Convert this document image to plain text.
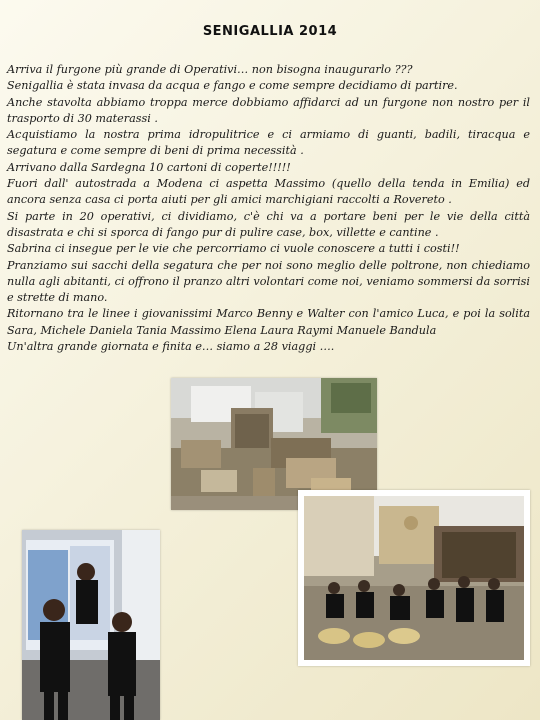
SENIGALLIA 2014

Arriva il furgone più grande di Operativi… non bisogna inaugurarlo ???

Senigallia è stata invasa da acqua e fango e come sempre decidiamo di partire.

Anche stavolta abbiamo troppa merce dobbiamo affidarci ad un furgone non nostro per il trasporto di 30 materassi .

Acquistiamo la nostra prima idropulitrice e ci armiamo di guanti, badili, tiracqua e segatura e come sempre di beni di prima necessità .

Arrivano dalla Sardegna 10 cartoni di coperte!!!!!

Fuori dall' autostrada a Modena ci aspetta Massimo (quello della tenda in Emilia) ed ancora senza casa ci porta aiuti per gli amici marchigiani raccolti a Rovereto .

Si parte in 20 operativi, ci dividiamo, c'è chi va a portare beni per le vie della città disastrata e chi si sporca di fango pur di pulire case, box, villette e cantine .

Sabrina ci insegue per le vie che percorriamo ci vuole conoscere a tutti i costi!!

Pranziamo sui sacchi della segatura che per noi sono meglio delle poltrone, non chiediamo nulla agli abitanti, ci offrono il pranzo altri volontari come noi, veniamo sommersi da sorrisi e strette di mano.

Ritornano tra le linee i giovanissimi Marco Benny e Walter con l'amico Luca, e poi la solita Sara, Michele Daniela Tania Massimo Elena Laura Raymi Manuele Bandula

Un'altra grande giornata e finita e… siamo a 28 viaggi ….
